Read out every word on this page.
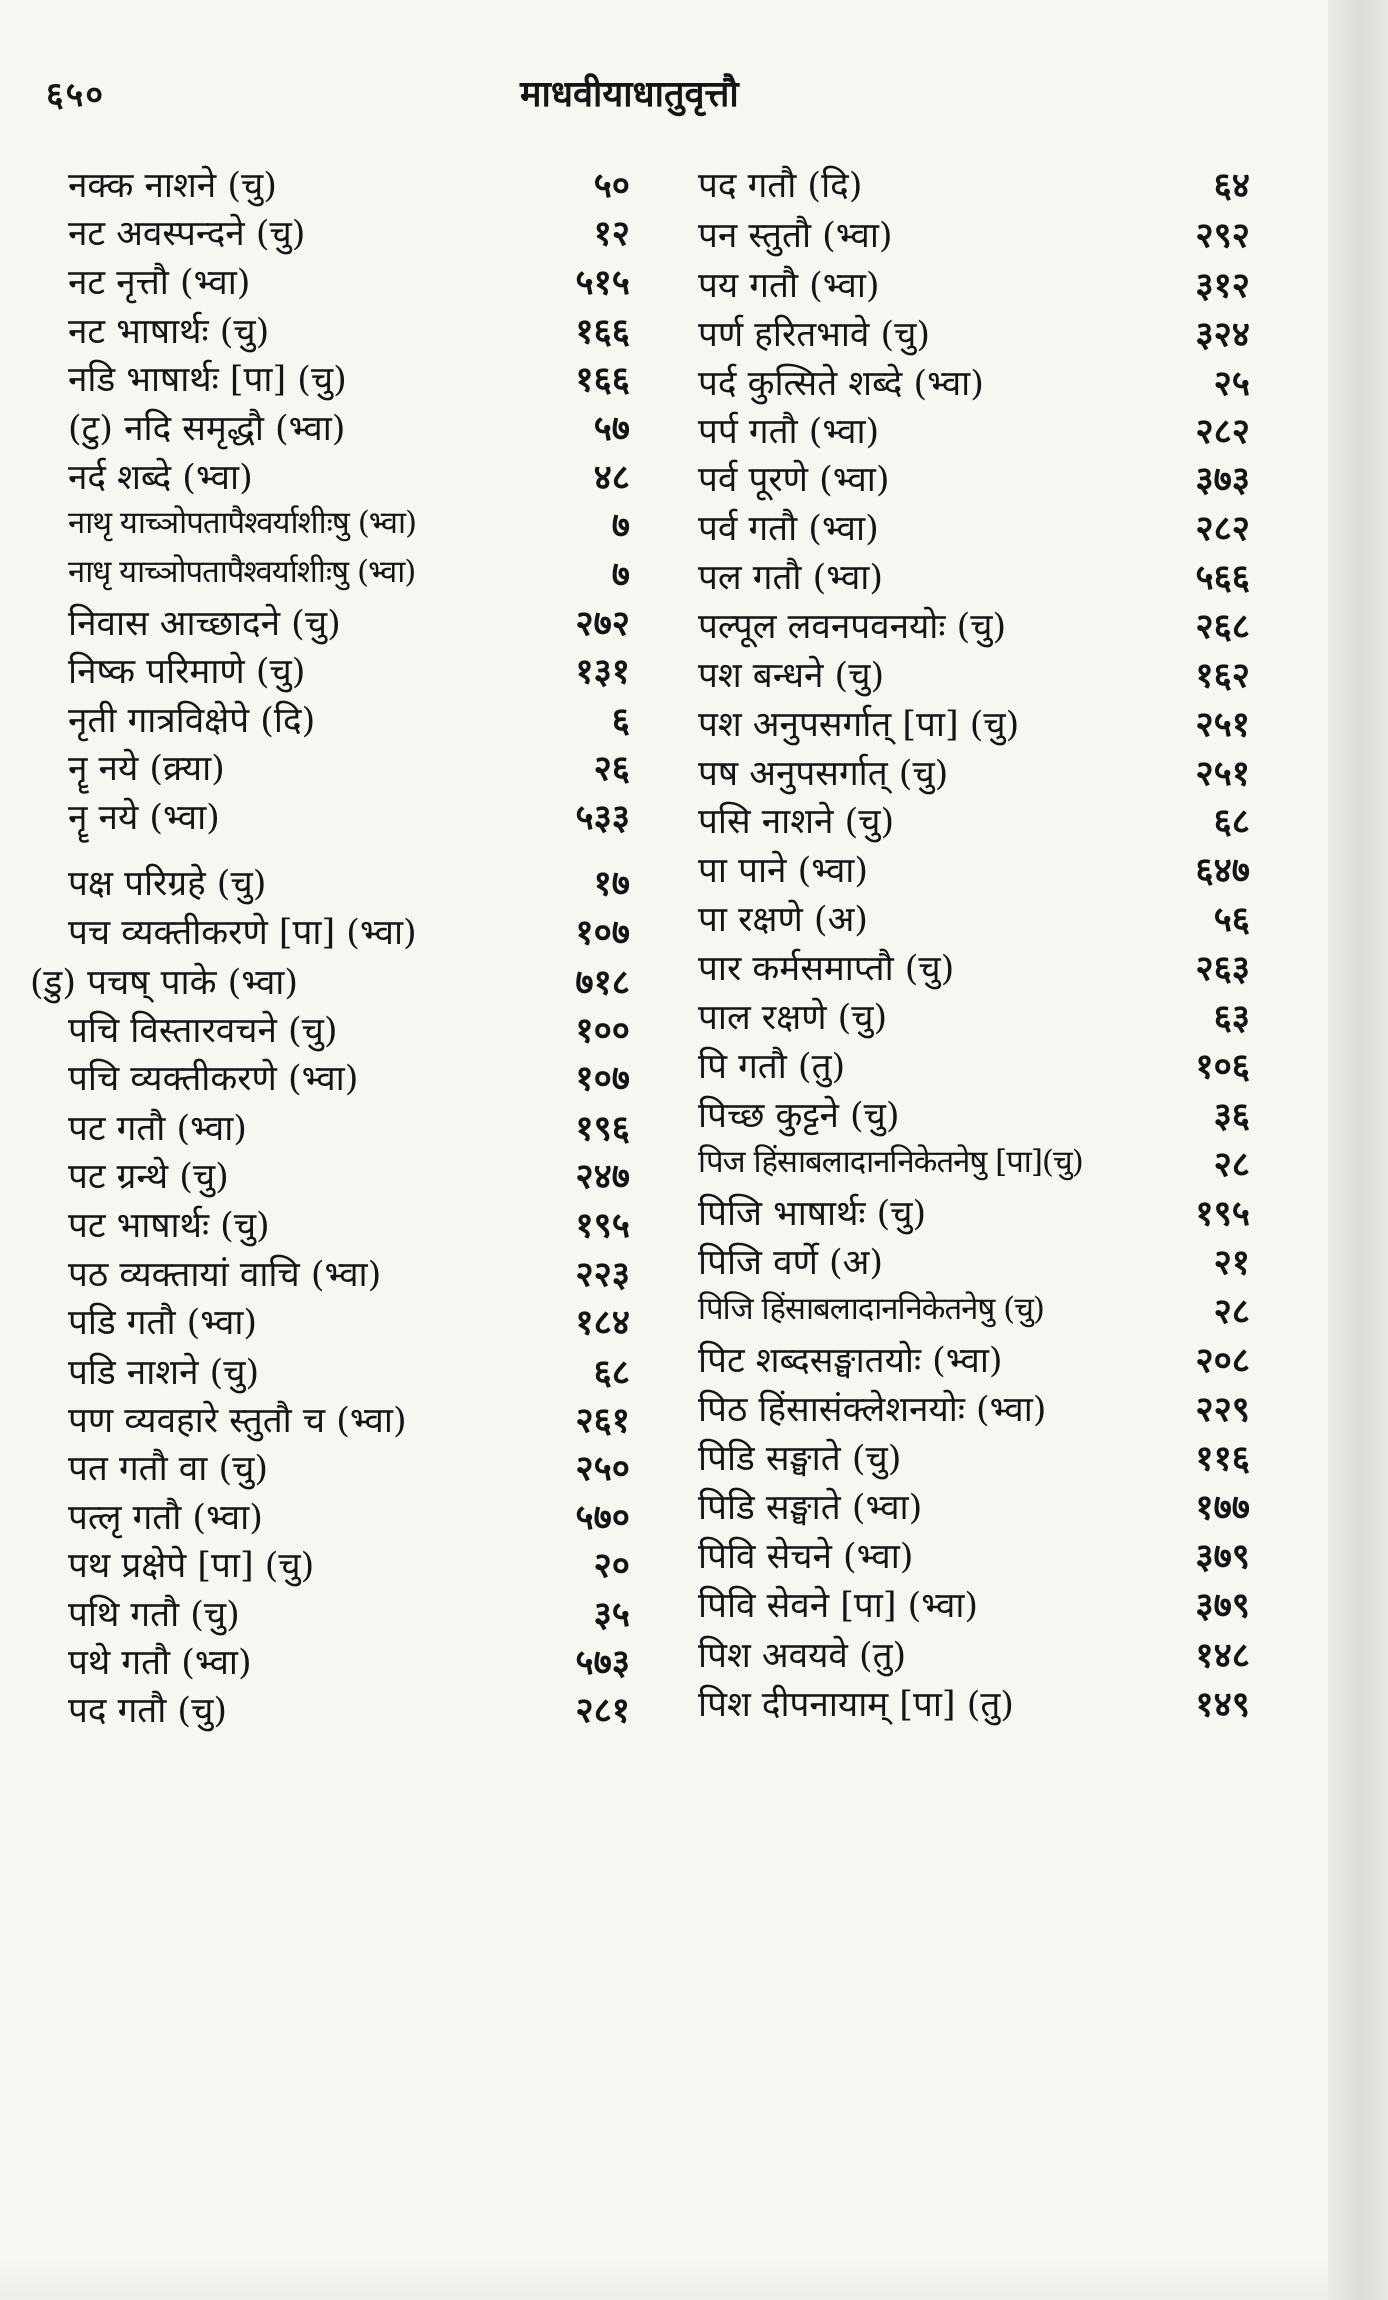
६५०	माधवीयाधातुवृत्तौ
नक्क नाशने (चु)	५०
नट अवस्पन्दने (चु)	१२
नट नृत्तौ (भ्वा)	५१५
नट भाषार्थः (चु)	१६६
नडि भाषार्थः [पा] (चु)	१६६
(टु) नदि समृद्धौ (भ्वा)	५७
नर्द शब्दे (भ्वा)	४८
नाथृ याच्ञोपतापैश्वर्याशीःषु (भ्वा)	७
नाधृ याच्ञोपतापैश्वर्याशीःषु (भ्वा)	७
निवास आच्छादने (चु)	२७२
निष्क परिमाणे (चु)	१३१
नृती गात्रविक्षेपे (दि)	६
नॄ नये (क्र्या)	२६
नॄ नये (भ्वा)	५३३
पक्ष परिग्रहे (चु)	१७
पच व्यक्तीकरणे [पा] (भ्वा)	१०७
(डु) पचष् पाके (भ्वा)	७१८
पचि विस्तारवचने (चु)	१००
पचि व्यक्तीकरणे (भ्वा)	१०७
पट गतौ (भ्वा)	१९६
पट ग्रन्थे (चु)	२४७
पट भाषार्थः (चु)	१९५
पठ व्यक्तायां वाचि (भ्वा)	२२३
पडि गतौ (भ्वा)	१८४
पडि नाशने (चु)	६८
पण व्यवहारे स्तुतौ च (भ्वा)	२६१
पत गतौ वा (चु)	२५०
पत्लृ गतौ (भ्वा)	५७०
पथ प्रक्षेपे [पा] (चु)	२०
पथि गतौ (चु)	३५
पथे गतौ (भ्वा)	५७३
पद गतौ (चु)	२८१
पद गतौ (दि)	६४
पन स्तुतौ (भ्वा)	२९२
पय गतौ (भ्वा)	३१२
पर्ण हरितभावे (चु)	३२४
पर्द कुत्सिते शब्दे (भ्वा)	२५
पर्प गतौ (भ्वा)	२८२
पर्व पूरणे (भ्वा)	३७३
पर्व गतौ (भ्वा)	२८२
पल गतौ (भ्वा)	५६६
पल्पूल लवनपवनयोः (चु)	२६८
पश बन्धने (चु)	१६२
पश अनुपसर्गात् [पा] (चु)	२५१
पष अनुपसर्गात् (चु)	२५१
पसि नाशने (चु)	६८
पा पाने (भ्वा)	६४७
पा रक्षणे (अ)	५६
पार कर्मसमाप्तौ (चु)	२६३
पाल रक्षणे (चु)	६३
पि गतौ (तु)	१०६
पिच्छ कुट्टने (चु)	३६
पिज हिंसाबलादाननिकेतनेषु [पा](चु)	२८
पिजि भाषार्थः (चु)	१९५
पिजि वर्णे (अ)	२१
पिजि हिंसाबलादाननिकेतनेषु (चु)	२८
पिट शब्दसङ्घातयोः (भ्वा)	२०८
पिठ हिंसासंक्लेशनयोः (भ्वा)	२२९
पिडि सङ्घाते (चु)	११६
पिडि सङ्घाते (भ्वा)	१७७
पिवि सेचने (भ्वा)	३७९
पिवि सेवने [पा] (भ्वा)	३७९
पिश अवयवे (तु)	१४८
पिश दीपनायाम् [पा] (तु)	१४९
